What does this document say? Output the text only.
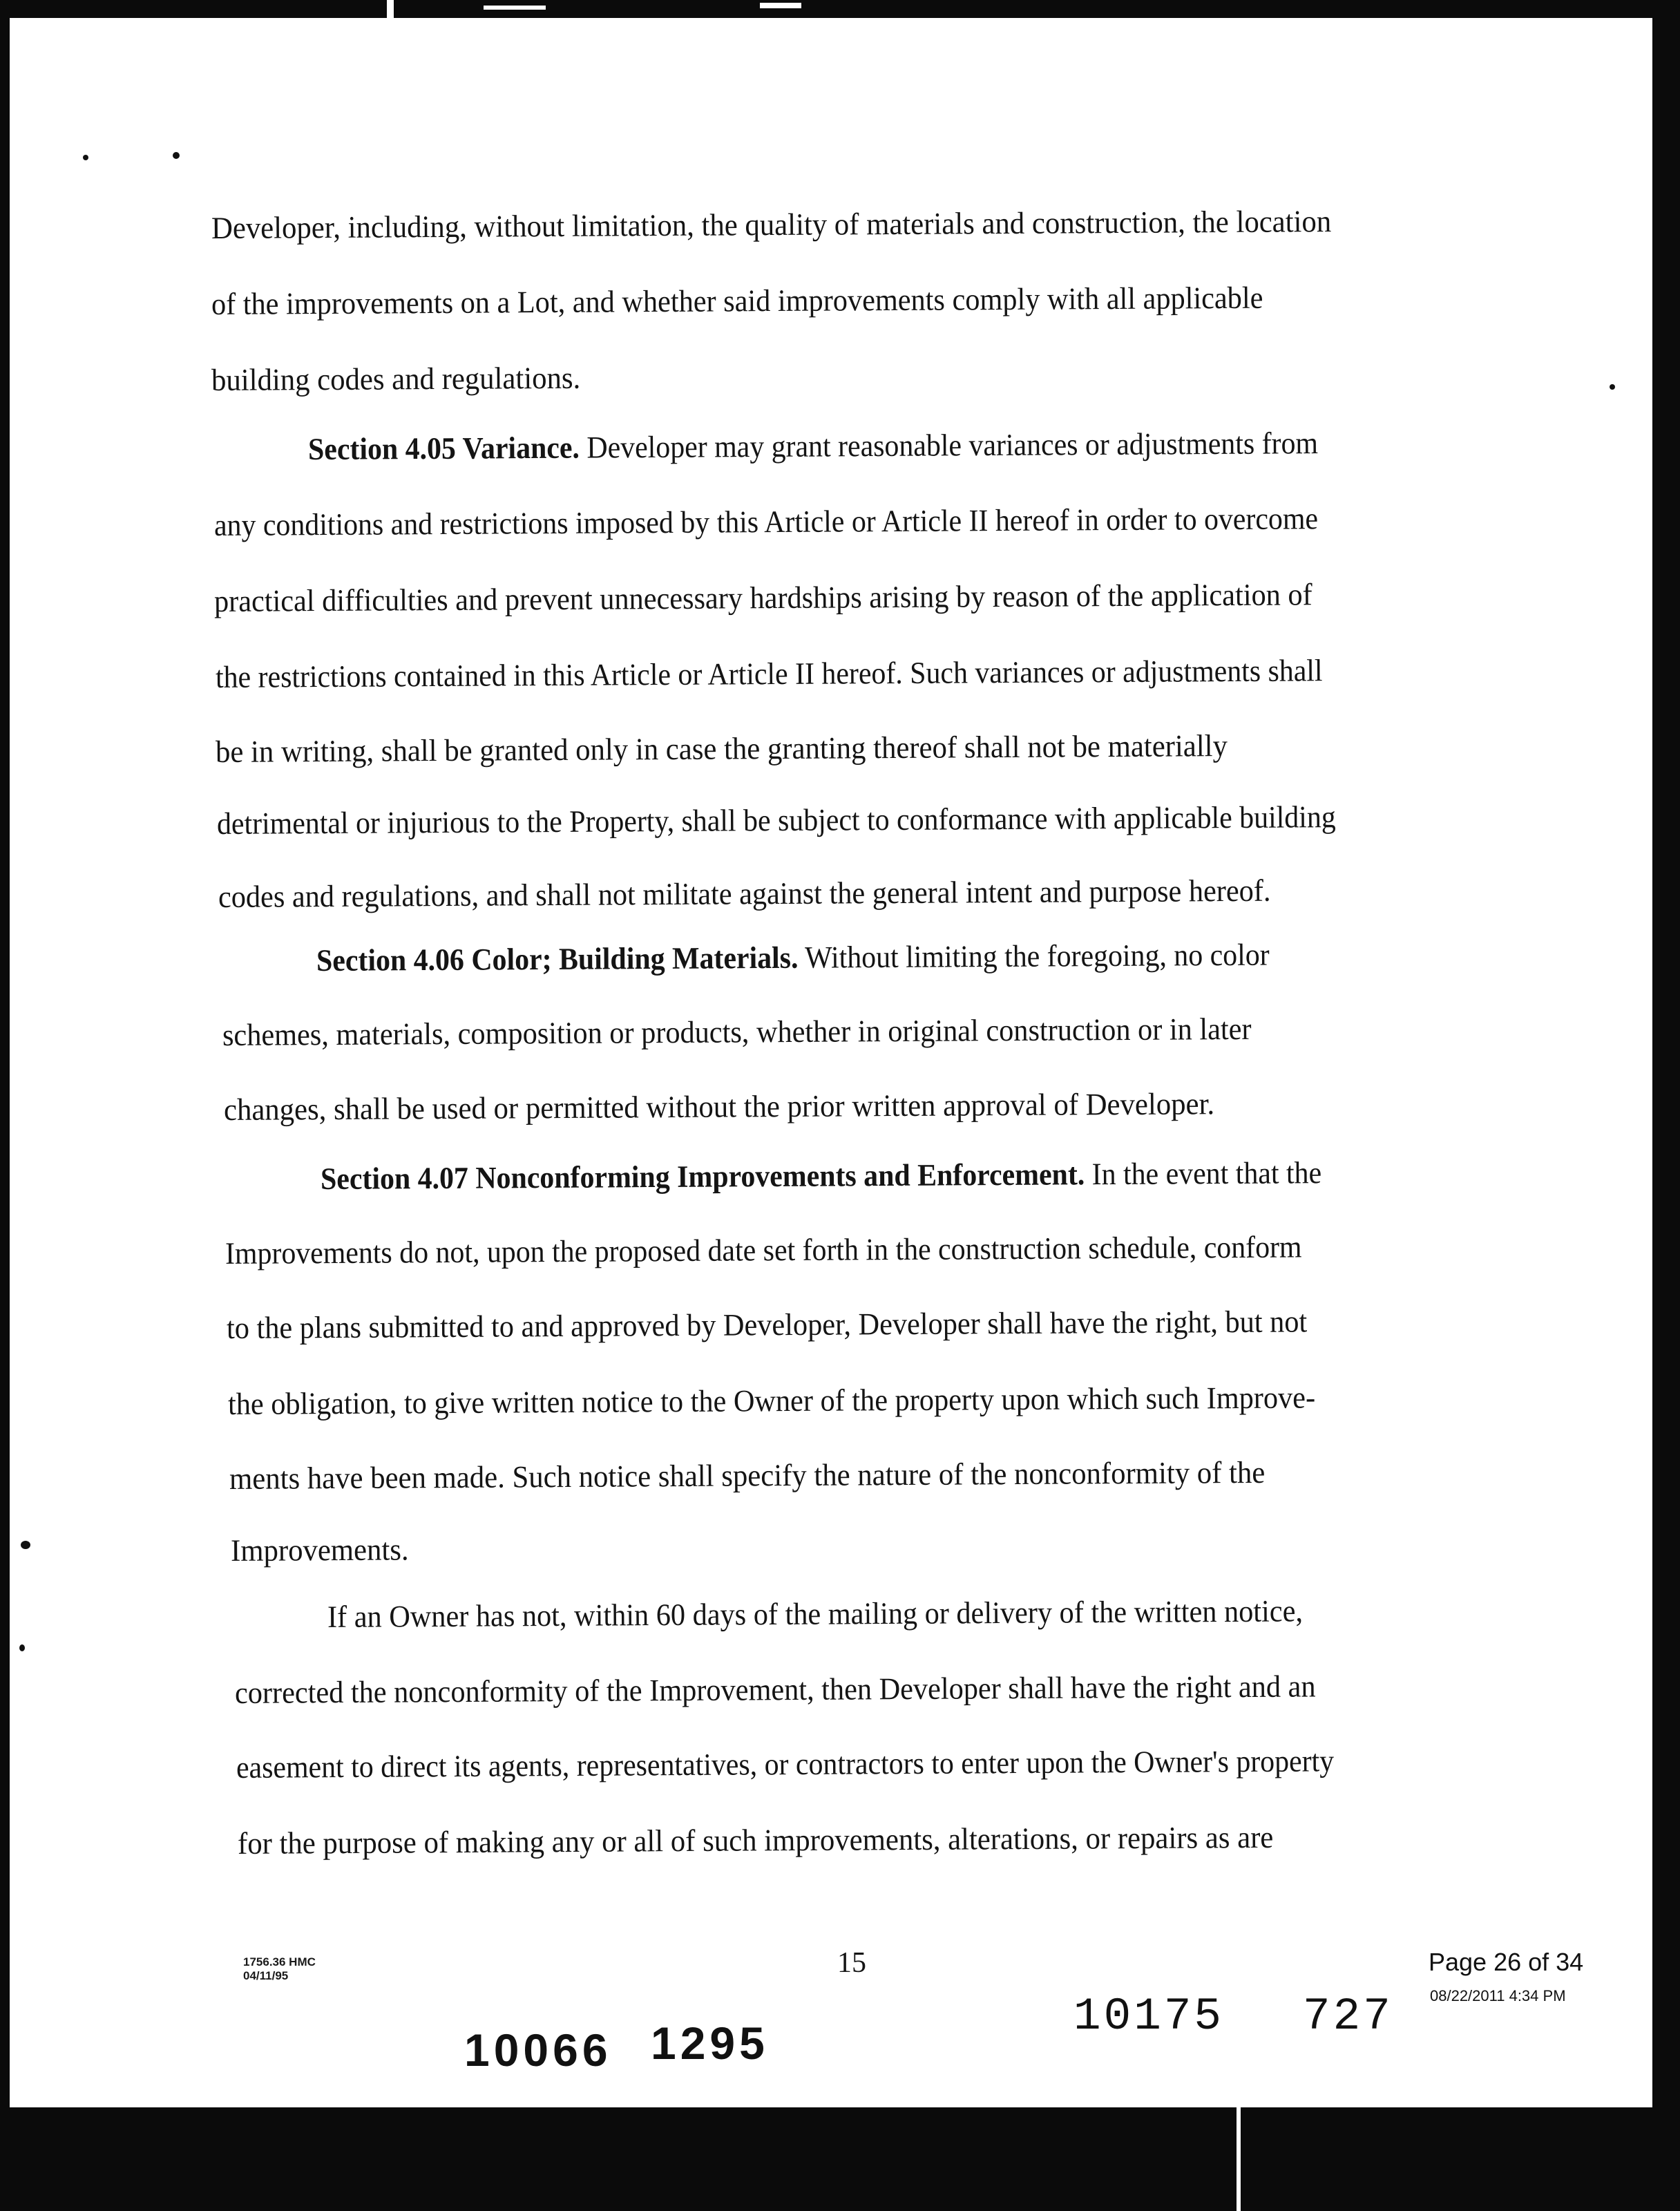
Developer, including, without limitation, the quality of materials and construction, the location
of the improvements on a Lot, and whether said improvements comply with all applicable
building codes and regulations.
Section 4.05 Variance. Developer may grant reasonable variances or adjustments from
any conditions and restrictions imposed by this Article or Article II hereof in order to overcome
practical difficulties and prevent unnecessary hardships arising by reason of the application of
the restrictions contained in this Article or Article II hereof. Such variances or adjustments shall
be in writing, shall be granted only in case the granting thereof shall not be materially
detrimental or injurious to the Property, shall be subject to conformance with applicable building
codes and regulations, and shall not militate against the general intent and purpose hereof.
Section 4.06 Color; Building Materials. Without limiting the foregoing, no color
schemes, materials, composition or products, whether in original construction or in later
changes, shall be used or permitted without the prior written approval of Developer.
Section 4.07 Nonconforming Improvements and Enforcement. In the event that the
Improvements do not, upon the proposed date set forth in the construction schedule, conform
to the plans submitted to and approved by Developer, Developer shall have the right, but not
the obligation, to give written notice to the Owner of the property upon which such Improve-
ments have been made. Such notice shall specify the nature of the nonconformity of the
Improvements.
If an Owner has not, within 60 days of the mailing or delivery of the written notice,
corrected the nonconformity of the Improvement, then Developer shall have the right and an
easement to direct its agents, representatives, or contractors to enter upon the Owner's property
for the purpose of making any or all of such improvements, alterations, or repairs as are
1756.36 HMC
04/11/95	15
10175 727
10066 1295
Page 26 of 34
08/22/2011 4:34 PM
